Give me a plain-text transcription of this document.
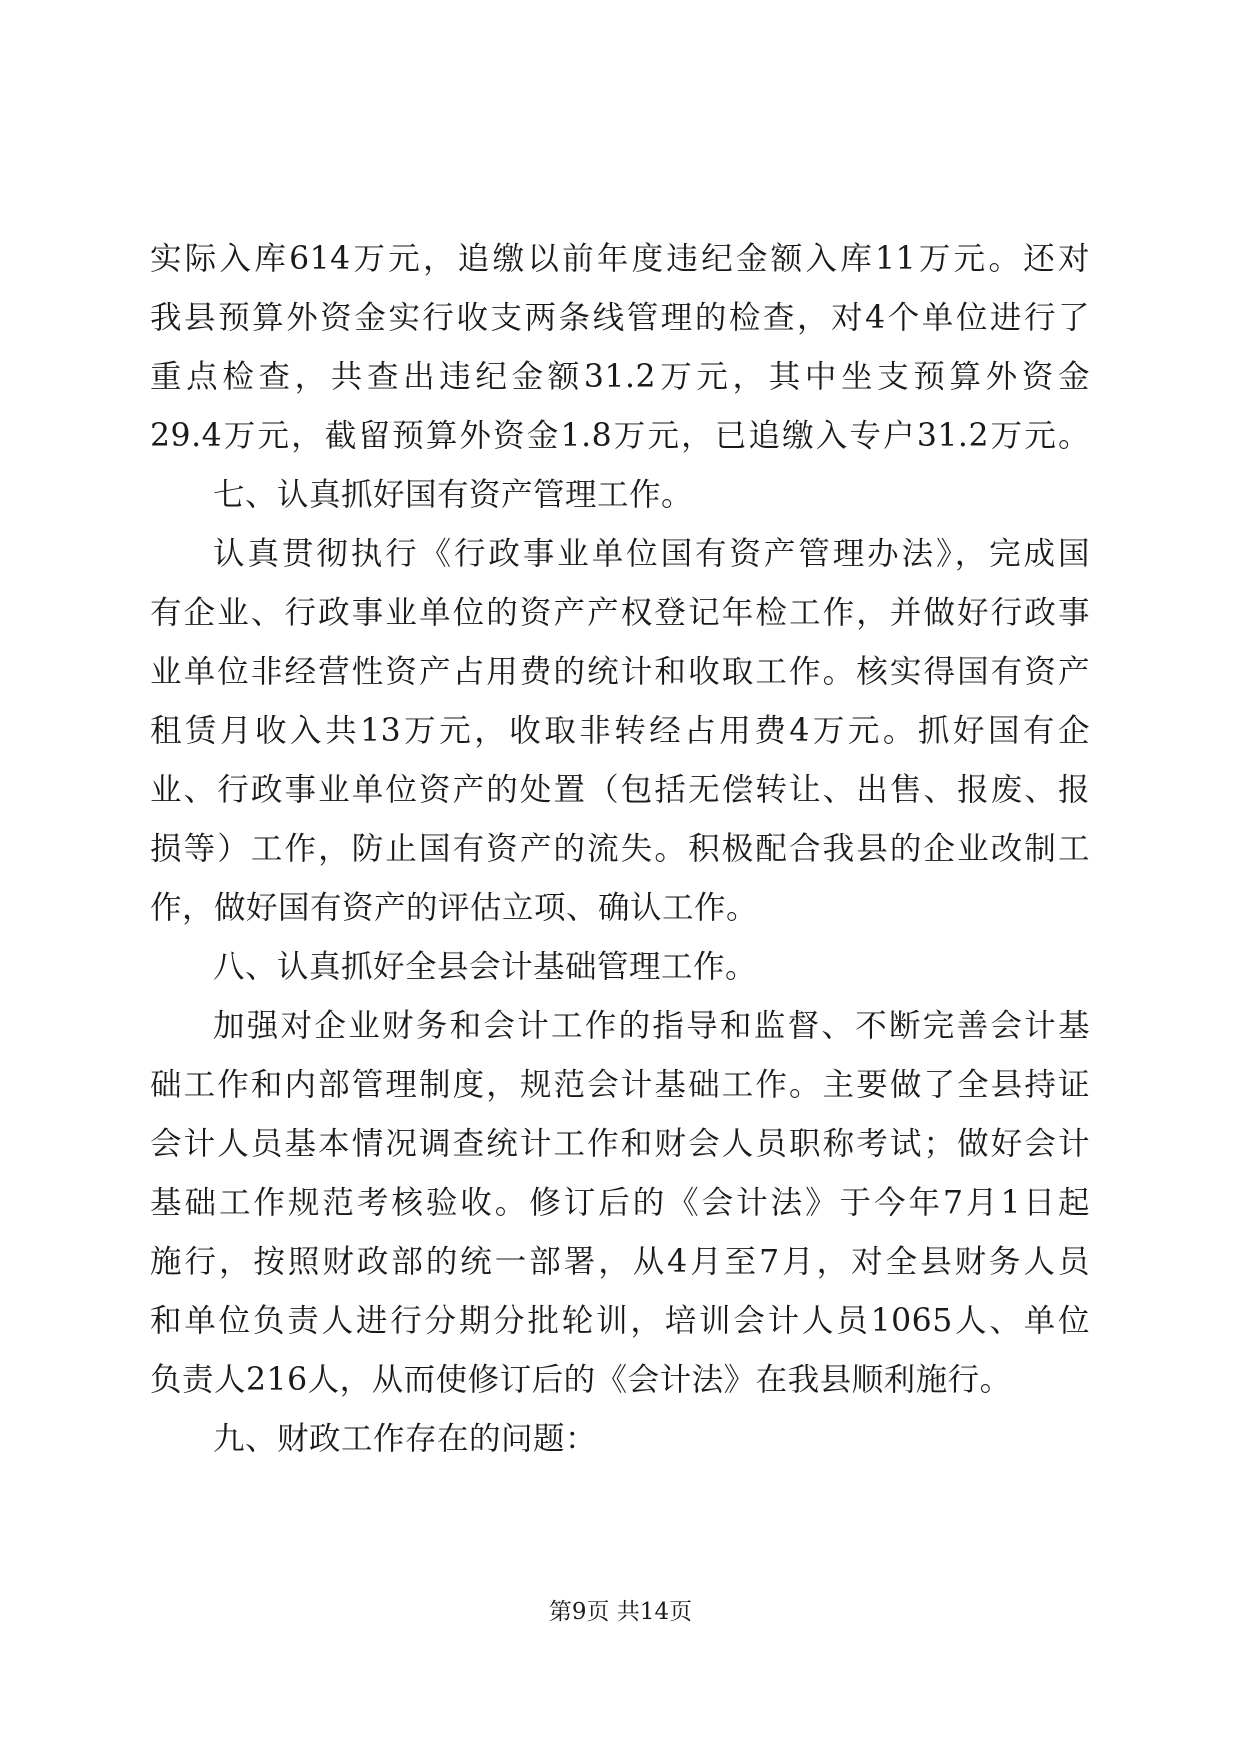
实际入库614万元，追缴以前年度违纪金额入库11万元。还对
我县预算外资金实行收支两条线管理的检查，对4个单位进行了
重点检查，共查出违纪金额31.2万元，其中坐支预算外资金
29.4万元，截留预算外资金1.8万元，已追缴入专户31.2万元。
七、认真抓好国有资产管理工作。
认真贯彻执行《行政事业单位国有资产管理办法》，完成国
有企业、行政事业单位的资产产权登记年检工作，并做好行政事
业单位非经营性资产占用费的统计和收取工作。核实得国有资产
租赁月收入共13万元，收取非转经占用费4万元。抓好国有企
业、行政事业单位资产的处置（包括无偿转让、出售、报废、报
损等）工作，防止国有资产的流失。积极配合我县的企业改制工
作，做好国有资产的评估立项、确认工作。
八、认真抓好全县会计基础管理工作。
加强对企业财务和会计工作的指导和监督、不断完善会计基
础工作和内部管理制度，规范会计基础工作。主要做了全县持证
会计人员基本情况调查统计工作和财会人员职称考试；做好会计
基础工作规范考核验收。修订后的《会计法》于今年7月1日起
施行，按照财政部的统一部署，从4月至7月，对全县财务人员
和单位负责人进行分期分批轮训，培训会计人员1065人、单位
负责人216人，从而使修订后的《会计法》在我县顺利施行。
九、财政工作存在的问题：
第9页 共14页
